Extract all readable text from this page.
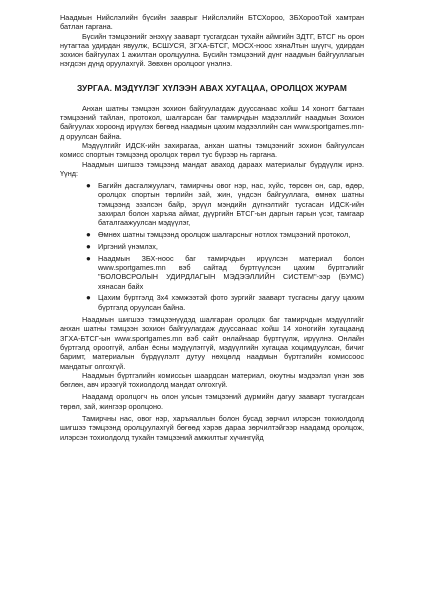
Наадмын Нийслэлийн бүсийн зааврыг Нийслэлийн БТСХороо, ЗБХорооТой хамтран батлан гаргана.

Бүсийн тэмцээнийг энэхүү заавaрт тусгагдсан тухайн аймгийн ЗДТГ, БТСГ нь орон нутагтаа удирдан явуулж, БСШУСЯ, ЗГХА-БТСГ, МОСХ-ноос хянаЛтын шүүгч, удирдан зохион байгуулах 1 ажилтан оролцуулна. Бүсийн тэмцээний дүнг наадмын байгууллагын нэгдсэн дүнд оруулахгүй. Зөвхөн оролцоог үнэлнэ.

ЗУРГАА. МЭДҮҮЛЭГ ХҮЛЭЭН АВАХ ХУГАЦАА, ОРОЛЦОХ ЖУРАМ

Анхан шатны тэмцээн зохион байгуулагдаж дууссанаас хойш 14 хоногт багтаан тэмцээний тайлан, протокол, шалгарсан баг тамирчдын мэдээллийг наадмын Зохион байгуулах хороонд ирүүлэх бөгөөд наадмын цахим мэдээллийн сан www.sportgames.mn-д оруулсан байна.

Мэдүүлгийг ИДСК-ийн захирагаа, анхан шатны тэмцээнийг зохион байгуулсан комисс спортын тэмцээнд оролцох төрөл тус бүрээр нь гаргана.

Наадмын шигшээ тэмцээнд мандат аваход дараах материалыг бүрдүүлж ирнэ. Үүнд:

● Багийн дасгалжуулагч, тамирчны овог нэр, нас, хүйс, төрсөн он, сар, өдөр, оролцох спортын төрлийн зай, жин, үндсэн байгууллага, өмнөх шатны тэмцээнд эзэлсэн байр, эрүүл мэндийн дүгнэлтийг тусгасан ИДСК-ийн захирал болон харъяа аймаг, дүүргийн БТСГ-ын даргын гарын үсэг, тамгаар баталгаажуулсан мэдүүлэг,
● Өмнөх шатны тэмцээнд оролцож шалгарсныг нотлох тэмцээний протокол,
● Иргэний үнэмлэх,
● Наадмын ЗБХ-ноос баг тамирчдын ирүүлсэн материал болон www.sportgames.mn вэб сайтад бүртгүүлсэн цахим бүртгэлийг "БОЛОВСРОЛЫН УДИРДЛАГЫН МЭДЭЭЛЛИЙН СИСТЕМ"-ээр (БУМС) хянасан байх
● Цахим бүртгэлд 3х4 хэмжээтэй фото зургийг зааварт тусгасны дагуу цахим бүртгэлд оруулсан байна.

Наадмын шигшээ тэмцээнүүдэд шалгаран оролцох баг тамирчдын мэдүүлгийг анхан шатны тэмцээн зохион байгуулагдаж дууссанаас хойш 14 хоногийн хугацаанд ЗГХА-БТСГ-ын www.sportgames.mn вэб сайт онлайнаар бүртгүүлж, ирүүлнэ. Онлайн бүртгэлд орооггүй, албан ёсны мэдүүлэггүй, мэдүүлгийн хугацаа хоцимдуулсан, бичиг баримт, материалын бүрдүүлэлт дутуу нөхцөлд наадмын бүртгэлийн комиссоос мандатыг олгохгүй.

Наадмын бүртгэлийн комиссын шаардсан материал, оюутны мэдээлэл үнэн зөв бөглөн, авч ирээгүй тохиолдолд мандат олгохгүй.

Наадамд оролцогч нь олон улсын тэмцээний дүрмийн дагуу зааварт тусгагдсан төрөл, зай, жингээр оролцоно.

Тамирчны нас, овог нэр, харъяаллын болон бусад зөрчил илэрсэн тохиолдолд шигшээ тэмцээнд оролцуулахгүй бөгөөд хэрэв дараа зөрчилтэйгээр наадамд оролцож, илэрсэн тохиолдолд тухайн тэмцээний амжилтыг хүчингүйд
